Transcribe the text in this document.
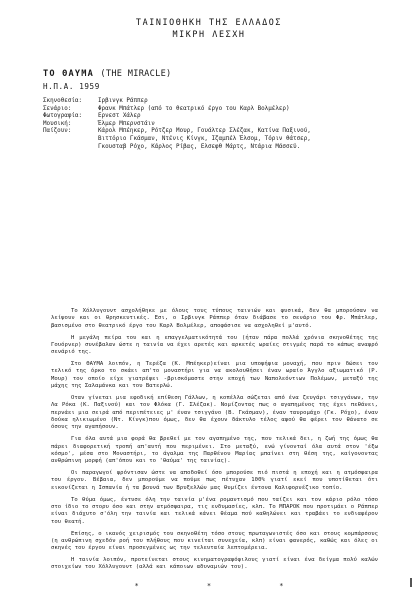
ΤΑΙΝΙΟΘΗΚΗ ΤΗΣ ΕΛΛΑΔΟΣ
ΜΙΚΡΗ ΛΕΣΧΗ
ΤΟ ΘΑΥΜΑ (THE MIRACLE)
Η.Π.Α. 1959
Σκηνοθεσία:	Ιρβινγκ Ράππερ
Σενάριο:	Φρανκ Μπάτλερ (από το θεατρικό έργο του Καρλ Βολμέλερ)
Φωτογραφία:	Ερνεστ Χάλερ
Μουσική:	Έλμερ Μπερνστάιν
Παίζουν:	Κάρολ Μπέηκερ, Ρότζερ Μουρ, Γουάλτερ Σλέζακ, Κατίνα Παξινού,
Βιττόριο Γκάσμαν, Ντένις Κίνγκ, Ιζαμπέλ Έλσομ, Τόριν θάτσερ,
Γκουσταβ Ρόχο, Κάρλος Ρίβας, Ελσεφθ Μάρτς, Ντάρια Μάσσεϋ.

Το Χόλλυγουντ ασχολήθηκε με όλους τους τύπους ταινιών και φυσικά, δεν θα μπορούσαν να λείψουν και οι θρησκευτικές. Εσι, ο Ιρβινγκ Ράππερ όταν διάβασε το σενάριο του Φρ. Μπάτλερ, βασισμένο στο θεατρικό έργο του Καρλ Βολμέλερ, αποφάσισε να ασχοληθεί μ'αυτό.

Η μεγάλη πείρα του και η επαγγελματικότητά του (ήταν πάρα πολλά χρόνια σκηνοθέτης της Γουόρνερ) συνέβαλαν ώστε η ταινία να έχει αρετές και αρκετές ωραίες στιγμές παρά το κάπως αναφρό σενάριό της.

Στο ΘΑΥΜΑ λοιπόν, η Τερέζα (Κ. Μπέηκερ)είναι μια υποψήφια μοναχή, που πριν δώσει τον τελικό της όρκο το σκάει απ'το μοναστήρι για να ακολουθήσει έναν ωραίο Άγγλο αξιωματικό (Ρ. Μουρ) τον οποίο είχε γιατρέψει -βρισκόμαστε στην εποχή των Ναπολεόντιων Πολέμων, μεταξύ της μάχης της Σαλαμάνκα και του Βατερλώ.

Οταν γίνεται μια εφοδική επίθεση Γάλλων, η κοπέλλα σώζεται από ένα ζευγάρι τσιγγάνων, την Λα Ρόκα (Κ. Παξινού) και τον Φλόκα (Γ. Σλέζακ). Νομίζοντας πως ο αγαπημένος της έχει πεθάνει, περνάει μια σειρά από περιπέτειες μ' έναν τσιγγάνο (Β. Γκάσμαν), έναν ταυρομάχο (Γκ. Ρόχο), έναν δούκα ηλικιωμένο (Ντ. Κίνγκ)που όμως, δεν θα έχουν δάκτυλο τέλος αφού θα φέρει τον θάνατο σε όσους την αγαπήσουν.

Για όλα αυτά μια φορά θα βρεθεί με τον αγαπημένο της, που τελικά δει, η ζωή της όμως θα πάρει διαφορετική τροπή απ'αυτή που περιμένει. Στο μεταξύ, ενώ γίνονταί όλα αυτά στον 'έξω κόσμο', μέσα στο Μοναστήρι, το άγαλμα της Παρθένου Μαρίας μπαίνει στη θέση της, καίγονοντας ανθρώπινη μορφή (απ'όπου και το 'θαύμα' της ταινίας).

Οι παραγωγοί φρόντισαν ώστε να αποδοθεί όσο μπορούσε πιό πιστά η εποχή και η ατμόσφαιρα του έργου. Βέβαια, δεν μπορούμε να πούμε πως πέτυχαν 100% γιατί εκεί που υποτίθεται ότι εικονίζεται η Ισπανία ή τα βουνά των Βρυξελλών μας θυμίζει έντονα Καλιφορνέζικο τοπίο.

Το θύμα όμως, έντυσε όλη την ταινία μ'ένα ρομαντισμό που ταίζει και τον κάριο ρόλο τόσο στο ίδιο το στορυ όσο και στην ατμόσφαιρα, τις ενδυμασίες, κλπ. Το ΜΠΑΡΟΚ που προτιμάει ο Ράππερ είναι διάχυτο σ'όλη την ταινία και τελικά κάνει θέαμα πού καθηλώνει και τραβάει το ενδιαφέρον του θεατή.

Επίσης, ο ικανός χειρισμός του σκηνοθέτη τόσο στους πρωταγωνιστές όσο και στους κομπάρσους (η ανθρώπινη σχεδόν ροή του πλήθους που κινείται συνεχεία, κλπ) είναι φανερός, καθώς και όλες οι σκηνές του έργου είναι προσεγμένες ως την τελευταία λεπτομέρεια.

Η ταινία λοιπόν, προτείνεται στους κινηματογραφόφιλους γιατί είναι ένα δείγμα πολύ καλών στοιχείων του Χόλλυγουντ (αλλά και κάποιων αδυναμιών του).

* * *
